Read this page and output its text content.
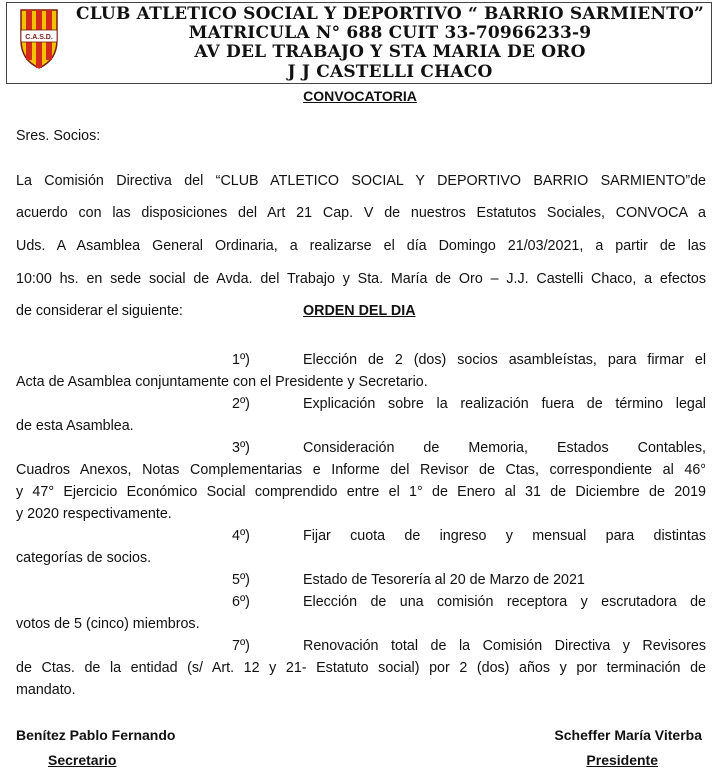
C.A.S.D.
CLUB ATLETICO SOCIAL Y DEPORTIVO “ BARRIO SARMIENTO”
MATRICULA N° 688 CUIT 33-70966233-9
AV DEL TRABAJO Y STA MARIA DE ORO
J J CASTELLI CHACO
CONVOCATORIA
Sres. Socios:
La Comisión Directiva del “CLUB ATLETICO SOCIAL Y DEPORTIVO BARRIO SARMIENTO”de
acuerdo con las disposiciones del Art 21 Cap. V de nuestros Estatutos Sociales, CONVOCA a
Uds. A Asamblea General Ordinaria, a realizarse el día Domingo 21/03/2021, a partir de las
10:00 hs. en sede social de Avda. del Trabajo y Sta. María de Oro – J.J. Castelli Chaco, a efectos
de considerar el siguiente:	ORDEN DEL DIA
1º)	Elección de 2 (dos) socios asambleístas, para firmar el
Acta de Asamblea conjuntamente con el Presidente y Secretario.
2º)	Explicación sobre la realización fuera de término legal
de esta Asamblea.
3º)	Consideración de Memoria, Estados Contables,
Cuadros Anexos, Notas Complementarias e Informe del Revisor de Ctas, correspondiente al 46°
y 47° Ejercicio Económico Social comprendido entre el 1° de Enero al 31 de Diciembre de 2019
y 2020 respectivamente.
4º)	Fijar cuota de ingreso y mensual para distintas
categorías de socios.
5º)	Estado de Tesorería al 20 de Marzo de 2021
6º)	Elección de una comisión receptora y escrutadora de
votos de 5 (cinco) miembros.
7º)	Renovación total de la Comisión Directiva y Revisores
de Ctas. de la entidad (s/ Art. 12 y 21- Estatuto social) por 2 (dos) años y por terminación de
mandato.
Benítez Pablo Fernando
Secretario
Scheffer María Viterba
Presidente
